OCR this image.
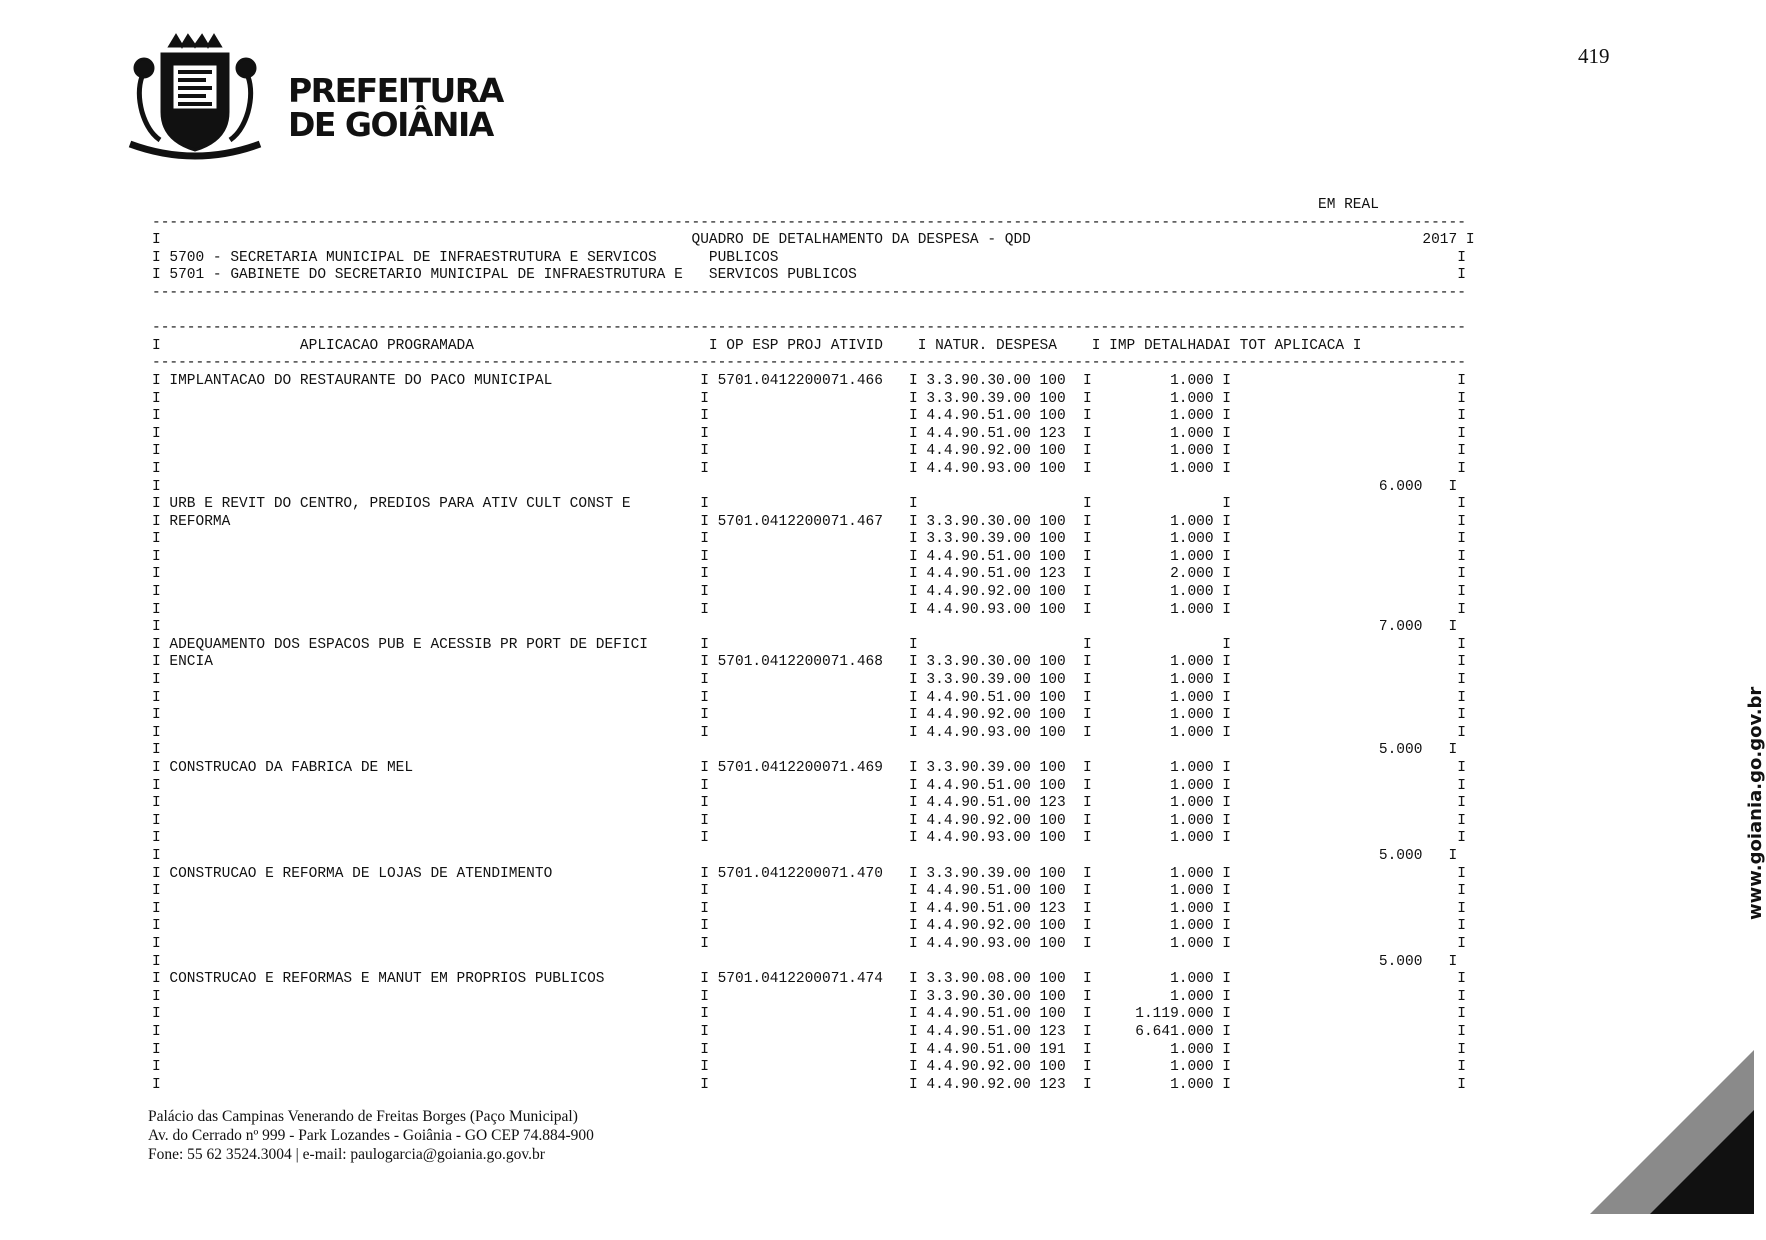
PREFEITURA
DE GOIÂNIA
419
EM REAL
-------------------------------------------------------------------------------------------------------------------------------------------------------
I                                                             QUADRO DE DETALHAMENTO DA DESPESA - QDD                                             2017 I
I 5700 - SECRETARIA MUNICIPAL DE INFRAESTRUTURA E SERVICOS      PUBLICOS                                                                              I
I 5701 - GABINETE DO SECRETARIO MUNICIPAL DE INFRAESTRUTURA E   SERVICOS PUBLICOS                                                                     I
-------------------------------------------------------------------------------------------------------------------------------------------------------

-------------------------------------------------------------------------------------------------------------------------------------------------------
I                APLICACAO PROGRAMADA                           I OP ESP PROJ ATIVID    I NATUR. DESPESA    I IMP DETALHADAI TOT APLICACA I
-------------------------------------------------------------------------------------------------------------------------------------------------------
I IMPLANTACAO DO RESTAURANTE DO PACO MUNICIPAL                 I 5701.0412200071.466   I 3.3.90.30.00 100  I         1.000 I                          I
I                                                              I                       I 3.3.90.39.00 100  I         1.000 I                          I
I                                                              I                       I 4.4.90.51.00 100  I         1.000 I                          I
I                                                              I                       I 4.4.90.51.00 123  I         1.000 I                          I
I                                                              I                       I 4.4.90.92.00 100  I         1.000 I                          I
I                                                              I                       I 4.4.90.93.00 100  I         1.000 I                          I
I                                                                                                                                            6.000   I
I URB E REVIT DO CENTRO, PREDIOS PARA ATIV CULT CONST E        I                       I                   I               I                          I
I REFORMA                                                      I 5701.0412200071.467   I 3.3.90.30.00 100  I         1.000 I                          I
I                                                              I                       I 3.3.90.39.00 100  I         1.000 I                          I
I                                                              I                       I 4.4.90.51.00 100  I         1.000 I                          I
I                                                              I                       I 4.4.90.51.00 123  I         2.000 I                          I
I                                                              I                       I 4.4.90.92.00 100  I         1.000 I                          I
I                                                              I                       I 4.4.90.93.00 100  I         1.000 I                          I
I                                                                                                                                            7.000   I
I ADEQUAMENTO DOS ESPACOS PUB E ACESSIB PR PORT DE DEFICI      I                       I                   I               I                          I
I ENCIA                                                        I 5701.0412200071.468   I 3.3.90.30.00 100  I         1.000 I                          I
I                                                              I                       I 3.3.90.39.00 100  I         1.000 I                          I
I                                                              I                       I 4.4.90.51.00 100  I         1.000 I                          I
I                                                              I                       I 4.4.90.92.00 100  I         1.000 I                          I
I                                                              I                       I 4.4.90.93.00 100  I         1.000 I                          I
I                                                                                                                                            5.000   I
I CONSTRUCAO DA FABRICA DE MEL                                 I 5701.0412200071.469   I 3.3.90.39.00 100  I         1.000 I                          I
I                                                              I                       I 4.4.90.51.00 100  I         1.000 I                          I
I                                                              I                       I 4.4.90.51.00 123  I         1.000 I                          I
I                                                              I                       I 4.4.90.92.00 100  I         1.000 I                          I
I                                                              I                       I 4.4.90.93.00 100  I         1.000 I                          I
I                                                                                                                                            5.000   I
I CONSTRUCAO E REFORMA DE LOJAS DE ATENDIMENTO                 I 5701.0412200071.470   I 3.3.90.39.00 100  I         1.000 I                          I
I                                                              I                       I 4.4.90.51.00 100  I         1.000 I                          I
I                                                              I                       I 4.4.90.51.00 123  I         1.000 I                          I
I                                                              I                       I 4.4.90.92.00 100  I         1.000 I                          I
I                                                              I                       I 4.4.90.93.00 100  I         1.000 I                          I
I                                                                                                                                            5.000   I
I CONSTRUCAO E REFORMAS E MANUT EM PROPRIOS PUBLICOS           I 5701.0412200071.474   I 3.3.90.08.00 100  I         1.000 I                          I
I                                                              I                       I 3.3.90.30.00 100  I         1.000 I                          I
I                                                              I                       I 4.4.90.51.00 100  I     1.119.000 I                          I
I                                                              I                       I 4.4.90.51.00 123  I     6.641.000 I                          I
I                                                              I                       I 4.4.90.51.00 191  I         1.000 I                          I
I                                                              I                       I 4.4.90.92.00 100  I         1.000 I                          I
I                                                              I                       I 4.4.90.92.00 123  I         1.000 I                          I

Palácio das Campinas Venerando de Freitas Borges (Paço Municipal)
Av. do Cerrado nº 999 - Park Lozandes - Goiânia - GO CEP 74.884-900
Fone: 55 62 3524.3004 | e-mail: paulogarcia@goiania.go.gov.br
www.goiania.go.gov.br
